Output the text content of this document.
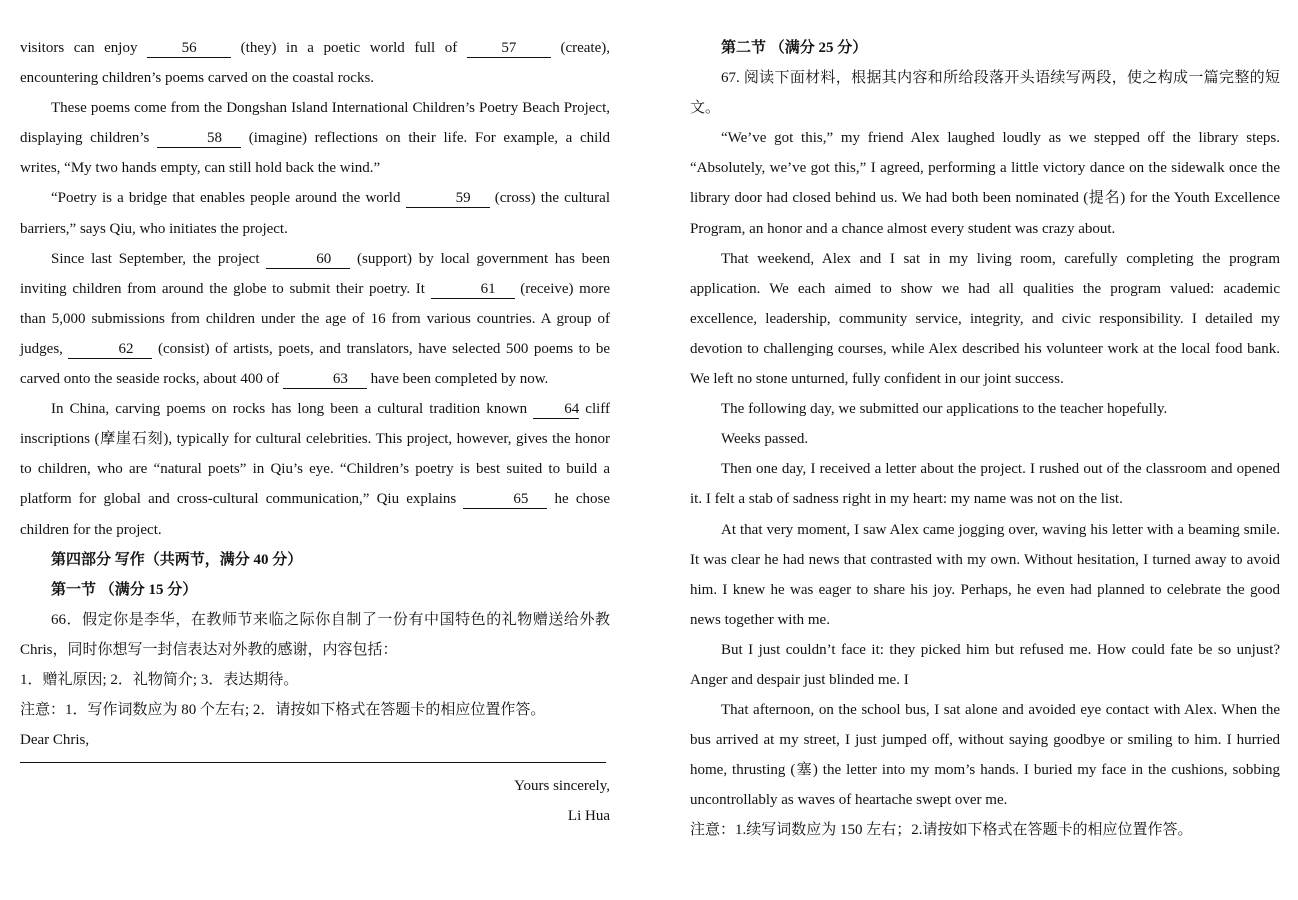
visitors can enjoy 56 (they) in a poetic world full of 57 (create), encountering children’s poems carved on the coastal rocks.

These poems come from the Dongshan Island International Children’s Poetry Beach Project, displaying children’s	58 (imagine) reflections on their life. For example, a child writes, “My two hands empty, can still hold back the wind.”

“Poetry is a bridge that enables people around the world	59 (cross) the cultural barriers,” says Qiu, who initiates the project.

Since last September, the project	60 (support) by local government has been inviting children from around the globe to submit their poetry. It	61 (receive) more than 5,000 submissions from children under the age of 16 from various countries. A group of judges,	62 (consist) of artists, poets, and translators, have selected 500 poems to be carved onto the seaside rocks, about 400 of	63 have been completed by now.

In China, carving poems on rocks has long been a cultural tradition known 64 cliff inscriptions (摩崖石刻), typically for cultural celebrities. This project, however, gives the honor to children, who are “natural poets” in Qiu’s eye. “Children’s poetry is best suited to build a platform for global and cross-cultural communication,” Qiu explains	65 he chose children for the project.

第四部分 写作（共两节，满分 40 分）

第一节 （满分 15 分）

66．假定你是李华，在教师节来临之际你自制了一份有中国特色的礼物赠送给外教Chris，同时你想写一封信表达对外教的感谢，内容包括：

1．赠礼原因; 2．礼物简介; 3．表达期待。

注意：1．写作词数应为 80 个左右; 2．请按如下格式在答题卡的相应位置作答。

Dear Chris,

Yours sincerely,

Li Hua

第二节 （满分 25 分）

67. 阅读下面材料，根据其内容和所给段落开头语续写两段，使之构成一篇完整的短文。

“We’ve got this,” my friend Alex laughed loudly as we stepped off the library steps. “Absolutely, we’ve got this,” I agreed, performing a little victory dance on the sidewalk once the library door had closed behind us. We had both been nominated (提名) for the Youth Excellence Program, an honor and a chance almost every student was crazy about.

That weekend, Alex and I sat in my living room, carefully completing the program application. We each aimed to show we had all qualities the program valued: academic excellence, leadership, community service, integrity, and civic responsibility. I detailed my devotion to challenging courses, while Alex described his volunteer work at the local food bank. We left no stone unturned, fully confident in our joint success.

The following day, we submitted our applications to the teacher hopefully.

Weeks passed.

Then one day, I received a letter about the project. I rushed out of the classroom and opened it. I felt a stab of sadness right in my heart: my name was not on the list.

At that very moment, I saw Alex came jogging over, waving his letter with a beaming smile. It was clear he had news that contrasted with my own. Without hesitation, I turned away to avoid him. I knew he was eager to share his joy. Perhaps, he even had planned to celebrate the good news together with me.

But I just couldn’t face it: they picked him but refused me. How could fate be so unjust? Anger and despair just blinded me. I

That afternoon, on the school bus, I sat alone and avoided eye contact with Alex. When the bus arrived at my street, I just jumped off, without saying goodbye or smiling to him. I hurried home, thrusting (塞) the letter into my mom’s hands. I buried my face in the cushions, sobbing uncontrollably as waves of heartache swept over me.

注意：1.续写词数应为 150 左右；2.请按如下格式在答题卡的相应位置作答。
